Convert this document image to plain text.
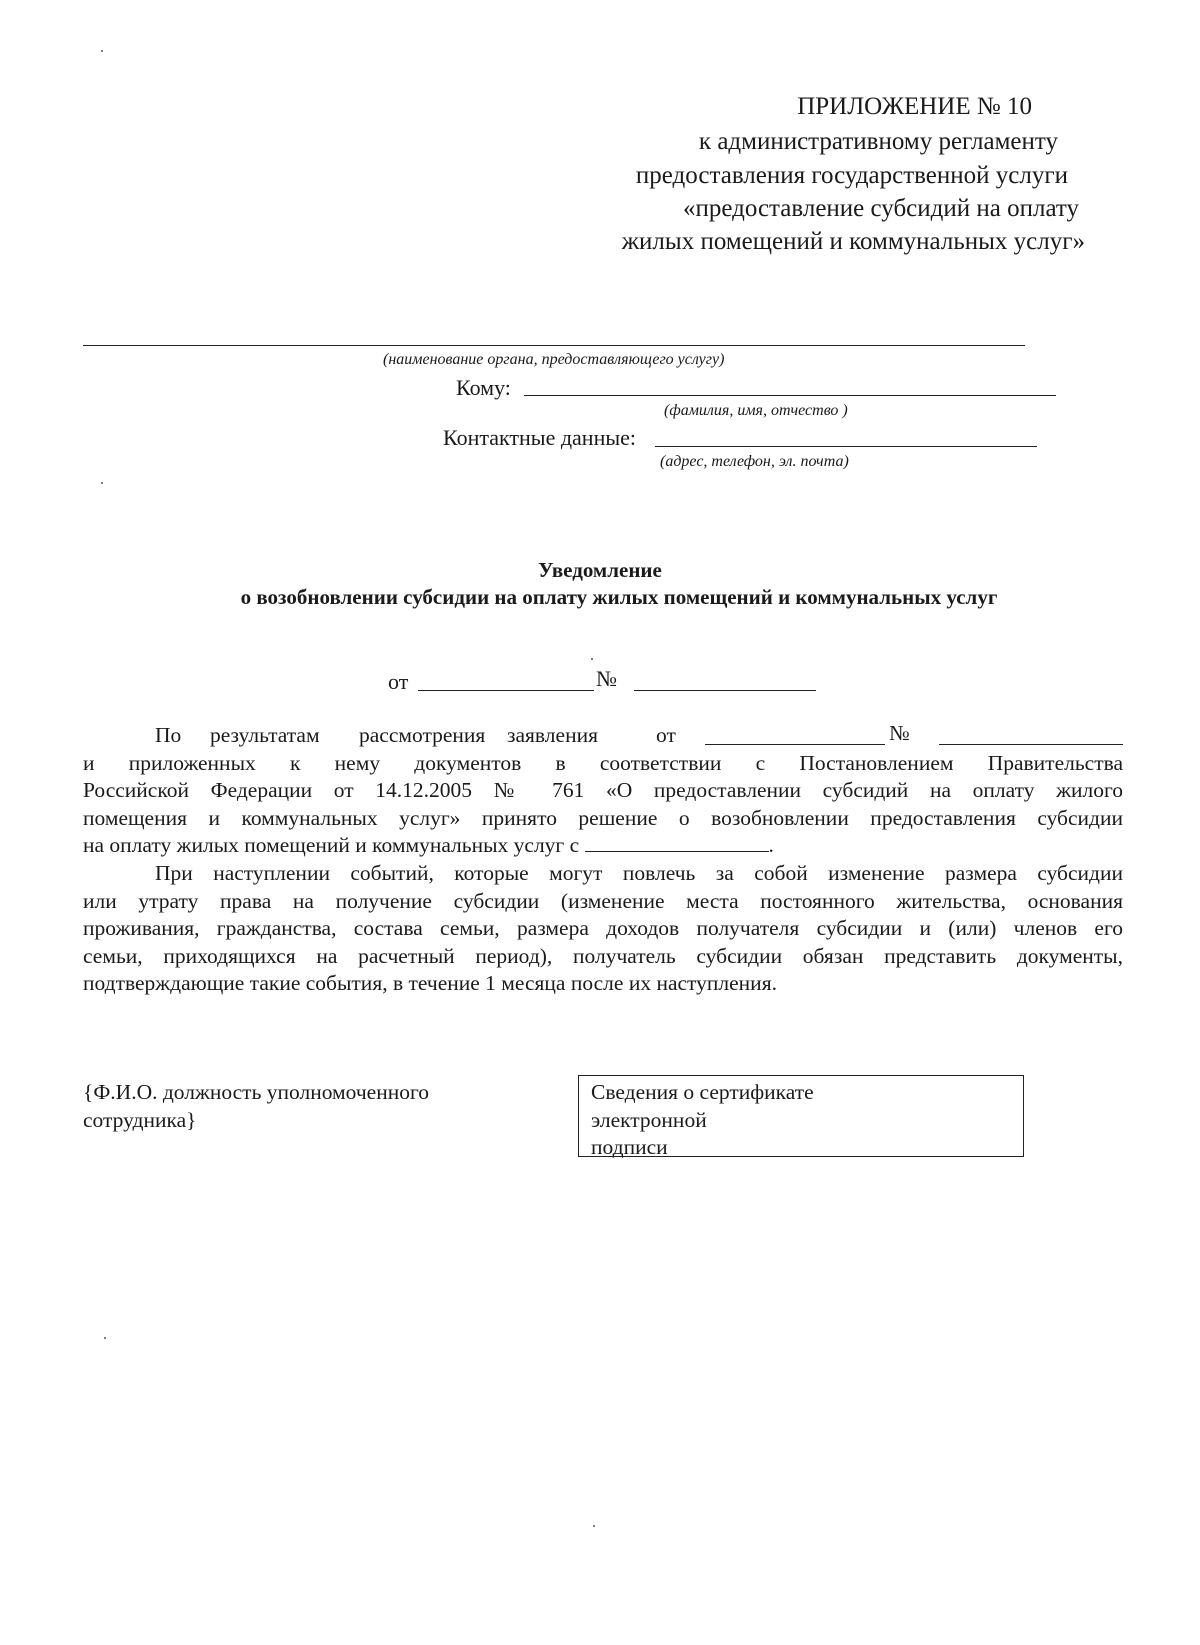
ПРИЛОЖЕНИЕ № 10
к административному регламенту
предоставления государственной услуги
«предоставление субсидий на оплату
жилых помещений и коммунальных услуг»
(наименование органа, предоставляющего услугу)
Кому:
(фамилия, имя, отчество )
Контактные данные:
(адрес, телефон, эл. почта)
Уведомление
о возобновлении субсидии на оплату жилых помещений и коммунальных услуг
от	№
По результатам рассмотрения заявления	от	№
и приложенных к нему документов в соответствии с Постановлением Правительства
Российской Федерации от 14.12.2005 № 761 «О предоставлении субсидий на оплату жилого
помещения и коммунальных услуг» принято решение о возобновлении предоставления субсидии
на оплату жилых помещений и коммунальных услуг с	.
При наступлении событий, которые могут повлечь за собой изменение размера субсидии
или утрату права на получение субсидии (изменение места постоянного жительства, основания
проживания, гражданства, состава семьи, размера доходов получателя субсидии и (или) членов его
семьи, приходящихся на расчетный период), получатель субсидии обязан представить документы,
подтверждающие такие события, в течение 1 месяца после их наступления.
{Ф.И.О. должность уполномоченного
сотрудника}
Сведения о сертификате
электронной
подписи
